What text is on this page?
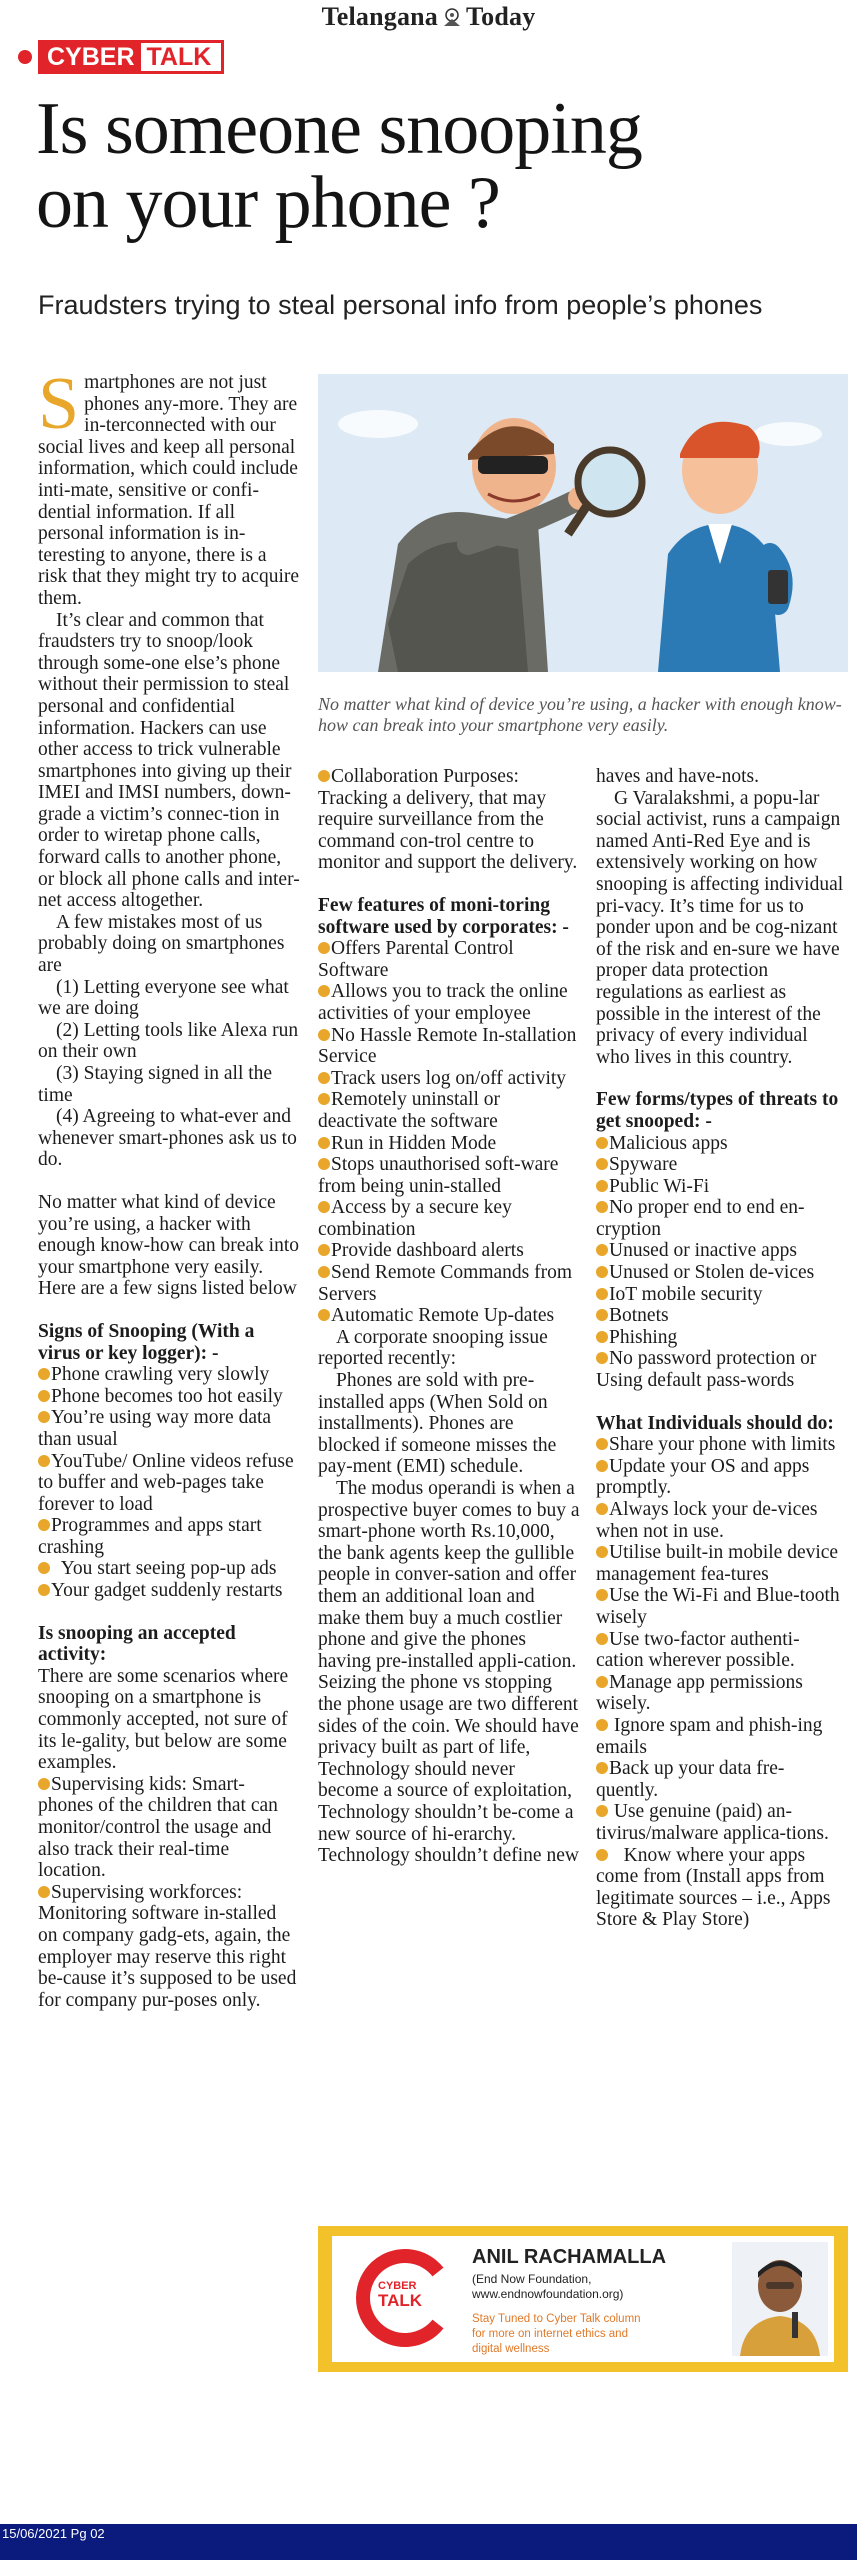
Telangana Today
CYBER TALK
Is someone snooping
on your phone ?
Fraudsters trying to steal personal info from people’s phones
No matter what kind of device you’re using, a hacker with enough know-how can break into your smartphone very easily.

Smartphones are not just phones any-more. They are in-terconnected with our social lives and keep all personal information, which could include inti-mate, sensitive or confi-dential information. If all personal information is in-teresting to anyone, there is a risk that they might try to acquire them.

It’s clear and common that fraudsters try to snoop/look through some-one else’s phone without their permission to steal personal and confidential information. Hackers can use other access to trick vulnerable smartphones into giving up their IMEI and IMSI numbers, down-grade a victim’s connec-tion in order to wiretap phone calls, forward calls to another phone, or block all phone calls and inter-net access altogether.

A few mistakes most of us probably doing on smartphones are

(1) Letting everyone see what we are doing

(2) Letting tools like Alexa run on their own

(3) Staying signed in all the time

(4) Agreeing to what-ever and whenever smart-phones ask us to do.

No matter what kind of device you’re using, a hacker with enough know-how can break into your smartphone very easily. Here are a few signs listed below

Signs of Snooping (With a virus or key logger): -

Phone crawling very slowly

Phone becomes too hot easily

You’re using way more data than usual

YouTube/ Online videos refuse to buffer and web-pages take forever to load

Programmes and apps start crashing

You start seeing pop-up ads

Your gadget suddenly restarts

Is snooping an accepted activity:

There are some scenarios where snooping on a smartphone is commonly accepted, not sure of its le-gality, but below are some examples.

Supervising kids: Smart-phones of the children that can monitor/control the usage and also track their real-time location.

Supervising workforces: Monitoring software in-stalled on company gadg-ets, again, the employer may reserve this right be-cause it’s supposed to be used for company pur-poses only.

Collaboration Purposes: Tracking a delivery, that may require surveillance from the command con-trol centre to monitor and support the delivery.

Few features of moni-toring software used by corporates: -

Offers Parental Control Software

Allows you to track the online activities of your employee

No Hassle Remote In-stallation Service

Track users log on/off activity

Remotely uninstall or deactivate the software

Run in Hidden Mode

Stops unauthorised soft-ware from being unin-stalled

Access by a secure key combination

Provide dashboard alerts

Send Remote Commands from Servers

Automatic Remote Up-dates

A corporate snooping issue reported recently:

Phones are sold with pre-installed apps (When Sold on installments). Phones are blocked if someone misses the pay-ment (EMI) schedule.

The modus operandi is when a prospective buyer comes to buy a smart-phone worth Rs.10,000, the bank agents keep the gullible people in conver-sation and offer them an additional loan and make them buy a much costlier phone and give the phones having pre-installed appli-cation. Seizing the phone vs stopping the phone usage are two different sides of the coin. We should have privacy built as part of life, Technology should never become a source of exploitation, Technology shouldn’t be-come a new source of hi-erarchy. Technology shouldn’t define new

haves and have-nots.

G Varalakshmi, a popu-lar social activist, runs a campaign named Anti-Red Eye and is extensively working on how snooping is affecting individual pri-vacy. It’s time for us to ponder upon and be cog-nizant of the risk and en-sure we have proper data protection regulations as earliest as possible in the interest of the privacy of every individual who lives in this country.

Few forms/types of threats to get snooped: -

Malicious apps

Spyware

Public Wi-Fi

No proper end to end en-cryption

Unused or inactive apps

Unused or Stolen de-vices

IoT mobile security

Botnets

Phishing

No password protection or Using default pass-words

What Individuals should do:

Share your phone with limits

Update your OS and apps promptly.

Always lock your de-vices when not in use.

Utilise built-in mobile device management fea-tures

Use the Wi-Fi and Blue-tooth wisely

Use two-factor authenti-cation wherever possible.

Manage app permissions wisely.

Ignore spam and phish-ing emails

Back up your data fre-quently.

Use genuine (paid) an-tivirus/malware applica-tions.

Know where your apps come from (Install apps from legitimate sources – i.e., Apps Store & Play Store)

CYBER
TALK
ANIL RACHAMALLA
(End Now Foundation,
www.endnowfoundation.org)
Stay Tuned to Cyber Talk column for more on internet ethics and digital wellness
15/06/2021 Pg 02
